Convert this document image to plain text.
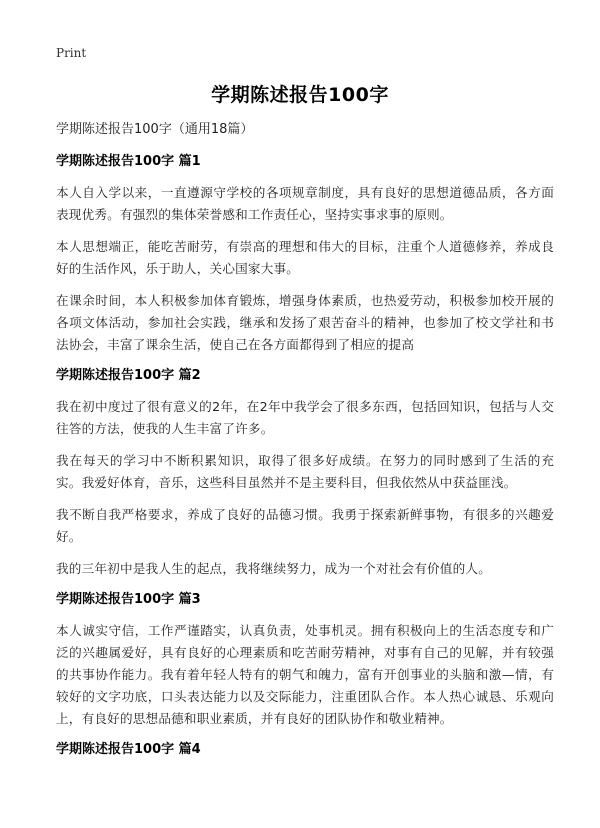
Print
学期陈述报告100字

学期陈述报告100字（通用18篇）

学期陈述报告100字 篇1

本人自入学以来，一直遵源守学校的各项规章制度，具有良好的思想道德品质，各方面表现优秀。有强烈的集体荣誉感和工作责任心，坚持实事求事的原则。

本人思想端正，能吃苦耐劳，有崇高的理想和伟大的目标，注重个人道德修养，养成良好的生活作风，乐于助人，关心国家大事。

在课余时间，本人积极参加体育锻炼，增强身体素质，也热爱劳动，积极参加校开展的各项文体活动，参加社会实践，继承和发扬了艰苦奋斗的精神，也参加了校文学社和书法协会，丰富了课余生活，使自己在各方面都得到了相应的提高

学期陈述报告100字 篇2

我在初中度过了很有意义的2年，在2年中我学会了很多东西，包括回知识，包括与人交往答的方法，使我的人生丰富了许多。

我在每天的学习中不断积累知识，取得了很多好成绩。在努力的同时感到了生活的充实。我爱好体育，音乐，这些科目虽然并不是主要科目，但我依然从中获益匪浅。

我不断自我严格要求，养成了良好的品德习惯。我勇于探索新鲜事物，有很多的兴趣爱好。

我的三年初中是我人生的起点，我将继续努力，成为一个对社会有价值的人。

学期陈述报告100字 篇3

本人诚实守信，工作严谨踏实，认真负责，处事机灵。拥有积极向上的生活态度专和广泛的兴趣属爱好，具有良好的心理素质和吃苦耐劳精神，对事有自己的见解，并有较强的共事协作能力。我有着年轻人特有的朝气和魄力，富有开创事业的头脑和激—情，有较好的文字功底，口头表达能力以及交际能力，注重团队合作。本人热心诚恳、乐观向上，有良好的思想品德和职业素质，并有良好的团队协作和敬业精神。

学期陈述报告100字 篇4
